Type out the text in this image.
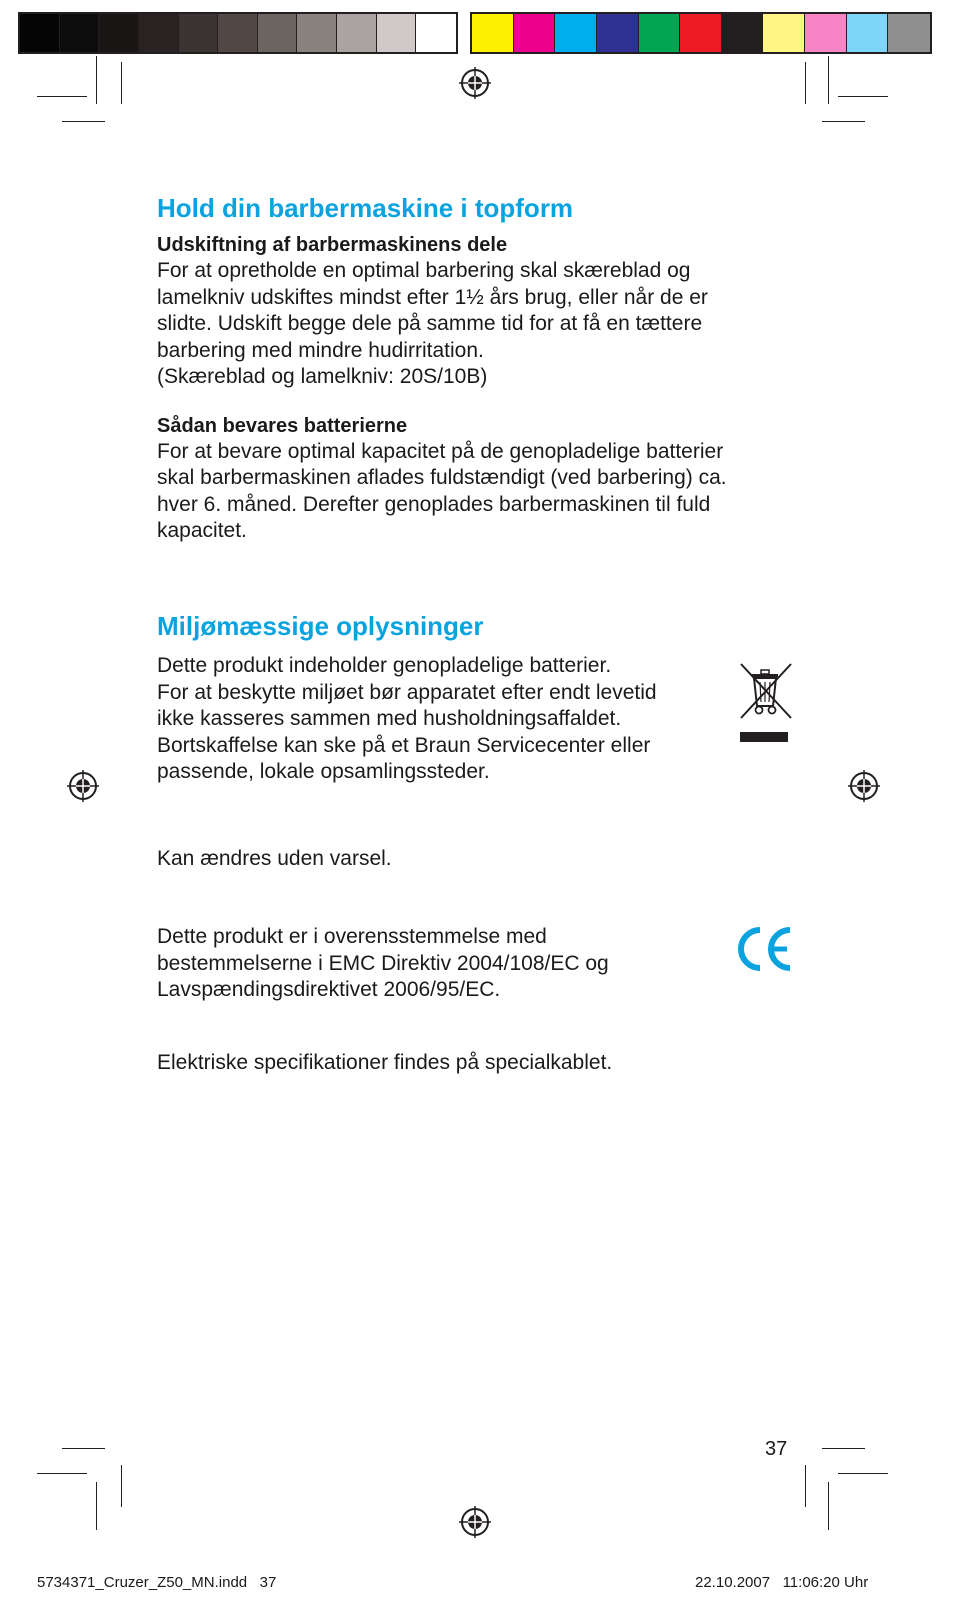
Hold din barbermaskine i topform
Udskiftning af barbermaskinens dele

For at opretholde en optimal barbering skal skæreblad og

lamelkniv udskiftes mindst efter 1½ års brug, eller når de er

slidte. Udskift begge dele på samme tid for at få en tættere

barbering med mindre hudirritation.

(Skæreblad og lamelkniv: 20S/10B)

Sådan bevares batterierne

For at bevare optimal kapacitet på de genopladelige batterier

skal barbermaskinen aflades fuldstændigt (ved barbering) ca.

hver 6. måned. Derefter genoplades barbermaskinen til fuld

kapacitet.

Miljømæssige oplysninger

Dette produkt indeholder genopladelige batterier.

For at beskytte miljøet bør apparatet efter endt levetid

ikke kasseres sammen med husholdningsaffaldet.

Bortskaffelse kan ske på et Braun Servicecenter eller

passende, lokale opsamlingssteder.

Kan ændres uden varsel.

Dette produkt er i overensstemmelse med

bestemmelserne i EMC Direktiv 2004/108/EC og

Lavspændingsdirektivet 2006/95/EC.

Elektriske specifikationer findes på specialkablet.

37
5734371_Cruzer_Z50_MN.indd   37	22.10.2007   11:06:20 Uhr
